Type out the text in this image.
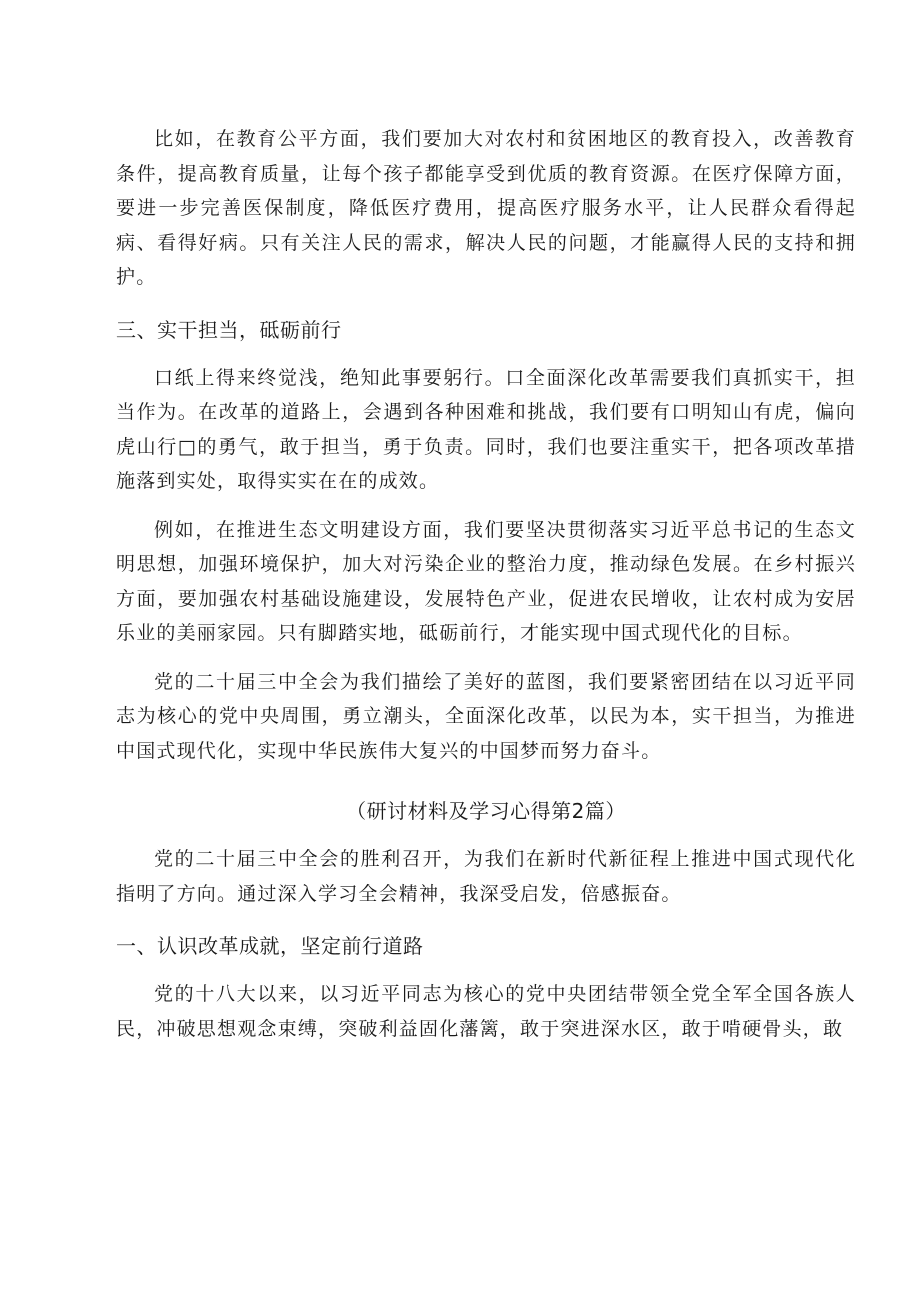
比如，在教育公平方面，我们要加大对农村和贫困地区的教育投入，改善教育条件，提高教育质量，让每个孩子都能享受到优质的教育资源。在医疗保障方面，要进一步完善医保制度，降低医疗费用，提高医疗服务水平，让人民群众看得起病、看得好病。只有关注人民的需求，解决人民的问题，才能赢得人民的支持和拥护。

三、实干担当，砥砺前行

口纸上得来终觉浅，绝知此事要躬行。口全面深化改革需要我们真抓实干，担当作为。在改革的道路上，会遇到各种困难和挑战，我们要有口明知山有虎，偏向虎山行□的勇气，敢于担当，勇于负责。同时，我们也要注重实干，把各项改革措施落到实处，取得实实在在的成效。

例如，在推进生态文明建设方面，我们要坚决贯彻落实习近平总书记的生态文明思想，加强环境保护，加大对污染企业的整治力度，推动绿色发展。在乡村振兴方面，要加强农村基础设施建设，发展特色产业，促进农民增收，让农村成为安居乐业的美丽家园。只有脚踏实地，砥砺前行，才能实现中国式现代化的目标。

党的二十届三中全会为我们描绘了美好的蓝图，我们要紧密团结在以习近平同志为核心的党中央周围，勇立潮头，全面深化改革，以民为本，实干担当，为推进中国式现代化，实现中华民族伟大复兴的中国梦而努力奋斗。

（研讨材料及学习心得第2篇）

党的二十届三中全会的胜利召开，为我们在新时代新征程上推进中国式现代化指明了方向。通过深入学习全会精神，我深受启发，倍感振奋。

一、认识改革成就，坚定前行道路

党的十八大以来，以习近平同志为核心的党中央团结带领全党全军全国各族人民，冲破思想观念束缚，突破利益固化藩篱，敢于突进深水区，敢于啃硬骨头，敢
